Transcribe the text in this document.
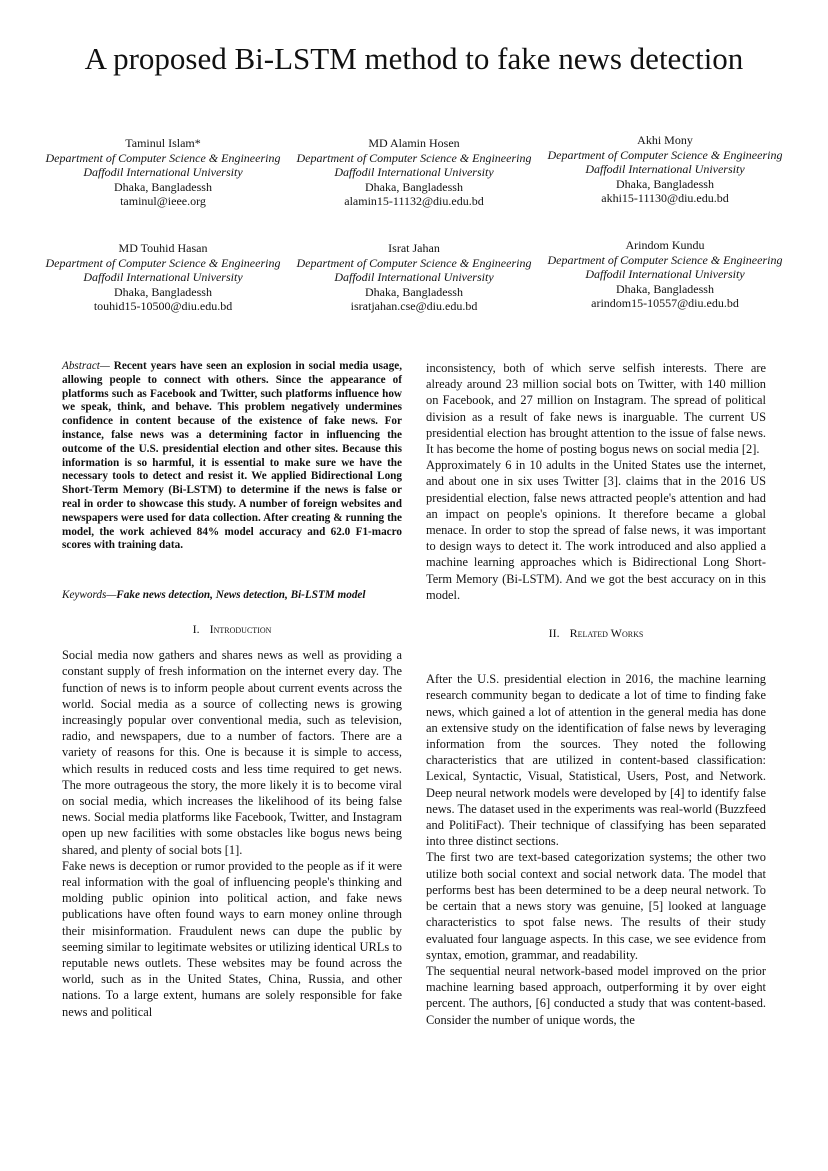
A proposed Bi-LSTM method to fake news detection
Taminul Islam*
Department of Computer Science & Engineering
Daffodil International University
Dhaka, Bangladessh
taminul@ieee.org
MD Alamin Hosen
Department of Computer Science & Engineering
Daffodil International University
Dhaka, Bangladessh
alamin15-11132@diu.edu.bd
Akhi Mony
Department of Computer Science & Engineering
Daffodil International University
Dhaka, Bangladessh
akhi15-11130@diu.edu.bd
MD Touhid Hasan
Department of Computer Science & Engineering
Daffodil International University
Dhaka, Bangladessh
touhid15-10500@diu.edu.bd
Israt Jahan
Department of Computer Science & Engineering
Daffodil International University
Dhaka, Bangladessh
isratjahan.cse@diu.edu.bd
Arindom Kundu
Department of Computer Science & Engineering
Daffodil International University
Dhaka, Bangladessh
arindom15-10557@diu.edu.bd

Abstract— Recent years have seen an explosion in social media usage, allowing people to connect with others. Since the appearance of platforms such as Facebook and Twitter, such platforms influence how we speak, think, and behave. This problem negatively undermines confidence in content because of the existence of fake news. For instance, false news was a determining factor in influencing the outcome of the U.S. presidential election and other sites. Because this information is so harmful, it is essential to make sure we have the necessary tools to detect and resist it. We applied Bidirectional Long Short-Term Memory (Bi-LSTM) to determine if the news is false or real in order to showcase this study. A number of foreign websites and newspapers were used for data collection. After creating & running the model, the work achieved 84% model accuracy and 62.0 F1-macro scores with training data.

Keywords—Fake news detection, News detection, Bi-LSTM model

I. Introduction

Social media now gathers and shares news as well as providing a constant supply of fresh information on the internet every day. The function of news is to inform people about current events across the world. Social media as a source of collecting news is growing increasingly popular over conventional media, such as television, radio, and newspapers, due to a number of factors. There are a variety of reasons for this. One is because it is simple to access, which results in reduced costs and less time required to get news. The more outrageous the story, the more likely it is to become viral on social media, which increases the likelihood of its being false news. Social media platforms like Facebook, Twitter, and Instagram open up new facilities with some obstacles like bogus news being shared, and plenty of social bots [1].

Fake news is deception or rumor provided to the people as if it were real information with the goal of influencing people's thinking and molding public opinion into political action, and fake news publications have often found ways to earn money online through their misinformation. Fraudulent news can dupe the public by seeming similar to legitimate websites or utilizing identical URLs to reputable news outlets. These websites may be found across the world, such as in the United States, China, Russia, and other nations. To a large extent, humans are solely responsible for fake news and political

inconsistency, both of which serve selfish interests. There are already around 23 million social bots on Twitter, with 140 million on Facebook, and 27 million on Instagram. The spread of political division as a result of fake news is inarguable. The current US presidential election has brought attention to the issue of false news. It has become the home of posting bogus news on social media [2].

Approximately 6 in 10 adults in the United States use the internet, and about one in six uses Twitter [3]. claims that in the 2016 US presidential election, false news attracted people's attention and had an impact on people's opinions. It therefore became a global menace. In order to stop the spread of false news, it was important to design ways to detect it. The work introduced and also applied a machine learning approaches which is Bidirectional Long Short-Term Memory (Bi-LSTM). And we got the best accuracy on in this model.

II. Related Works

After the U.S. presidential election in 2016, the machine learning research community began to dedicate a lot of time to finding fake news, which gained a lot of attention in the general media has done an extensive study on the identification of false news by leveraging information from the sources. They noted the following characteristics that are utilized in content-based classification: Lexical, Syntactic, Visual, Statistical, Users, Post, and Network. Deep neural network models were developed by [4] to identify false news. The dataset used in the experiments was real-world (Buzzfeed and PolitiFact). Their technique of classifying has been separated into three distinct sections.

The first two are text-based categorization systems; the other two utilize both social context and social network data. The model that performs best has been determined to be a deep neural network. To be certain that a news story was genuine, [5] looked at language characteristics to spot false news. The results of their study evaluated four language aspects. In this case, we see evidence from syntax, emotion, grammar, and readability.

The sequential neural network-based model improved on the prior machine learning based approach, outperforming it by over eight percent. The authors, [6] conducted a study that was content-based. Consider the number of unique words, the
